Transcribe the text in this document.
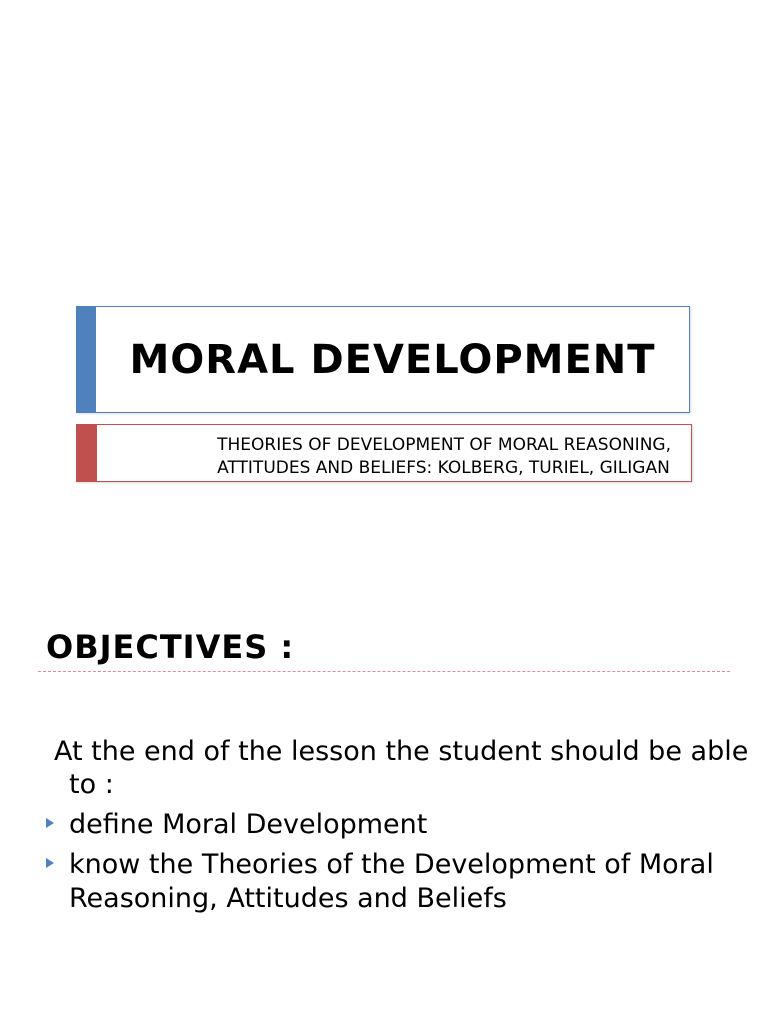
MORAL DEVELOPMENT
THEORIES OF DEVELOPMENT OF MORAL REASONING,
ATTITUDES AND BELIEFS: KOLBERG, TURIEL, GILIGAN
OBJECTIVES :
At the end of the lesson the student should be able to :
define Moral Development
know the Theories of the Development of Moral Reasoning, Attitudes and Beliefs
